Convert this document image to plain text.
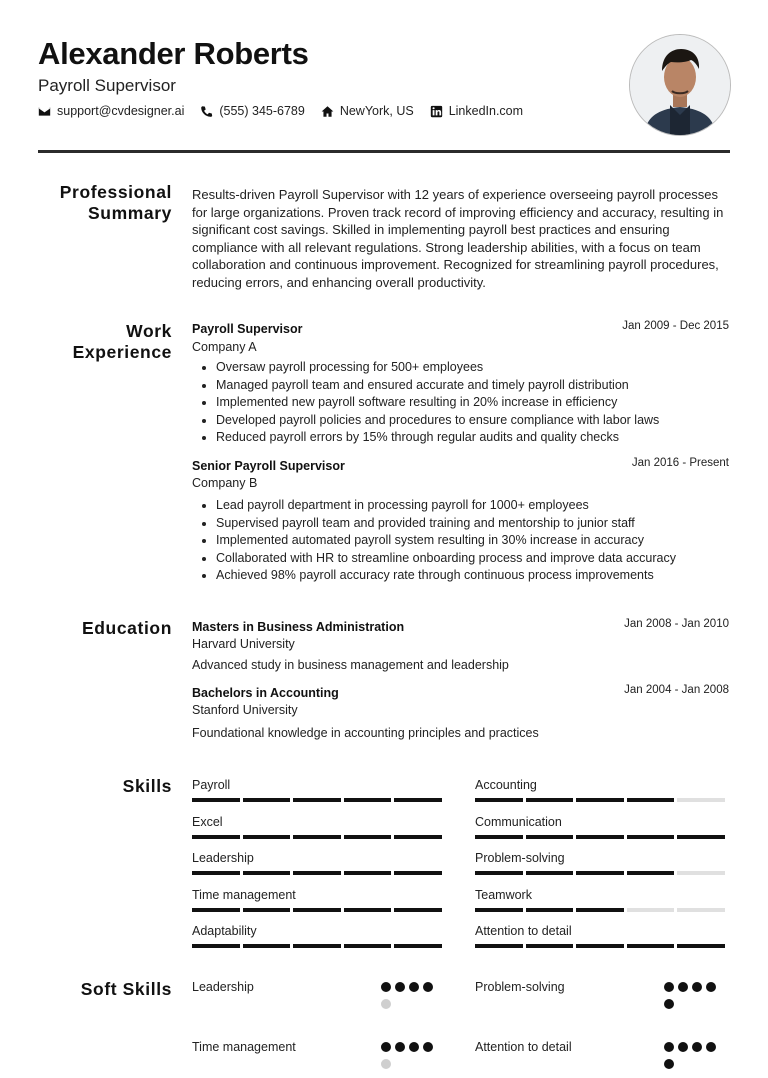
Alexander Roberts
Payroll Supervisor
support@cvdesigner.ai	(555) 345-6789	NewYork, US	LinkedIn.com
Professional Summary
Results-driven Payroll Supervisor with 12 years of experience overseeing payroll processes for large organizations. Proven track record of improving efficiency and accuracy, resulting in significant cost savings. Skilled in implementing payroll best practices and ensuring compliance with all relevant regulations. Strong leadership abilities, with a focus on team collaboration and continuous improvement. Recognized for streamlining payroll procedures, reducing errors, and enhancing overall productivity.
Work Experience
Payroll Supervisor	Jan 2009 - Dec 2015
Company A
• Oversaw payroll processing for 500+ employees
• Managed payroll team and ensured accurate and timely payroll distribution
• Implemented new payroll software resulting in 20% increase in efficiency
• Developed payroll policies and procedures to ensure compliance with labor laws
• Reduced payroll errors by 15% through regular audits and quality checks
Senior Payroll Supervisor	Jan 2016 - Present
Company B
• Lead payroll department in processing payroll for 1000+ employees
• Supervised payroll team and provided training and mentorship to junior staff
• Implemented automated payroll system resulting in 30% increase in accuracy
• Collaborated with HR to streamline onboarding process and improve data accuracy
• Achieved 98% payroll accuracy rate through continuous process improvements
Education Masters in Business Administration	Jan 2008 - Jan 2010
Harvard University
Advanced study in business management and leadership
Bachelors in Accounting	Jan 2004 - Jan 2008
Stanford University
Foundational knowledge in accounting principles and practices
Skills Payroll	Accounting
Excel	Communication
Leadership	Problem-solving
Time management	Teamwork
Adaptability	Attention to detail
Soft Skills Leadership	Problem-solving
Time management	Attention to detail
